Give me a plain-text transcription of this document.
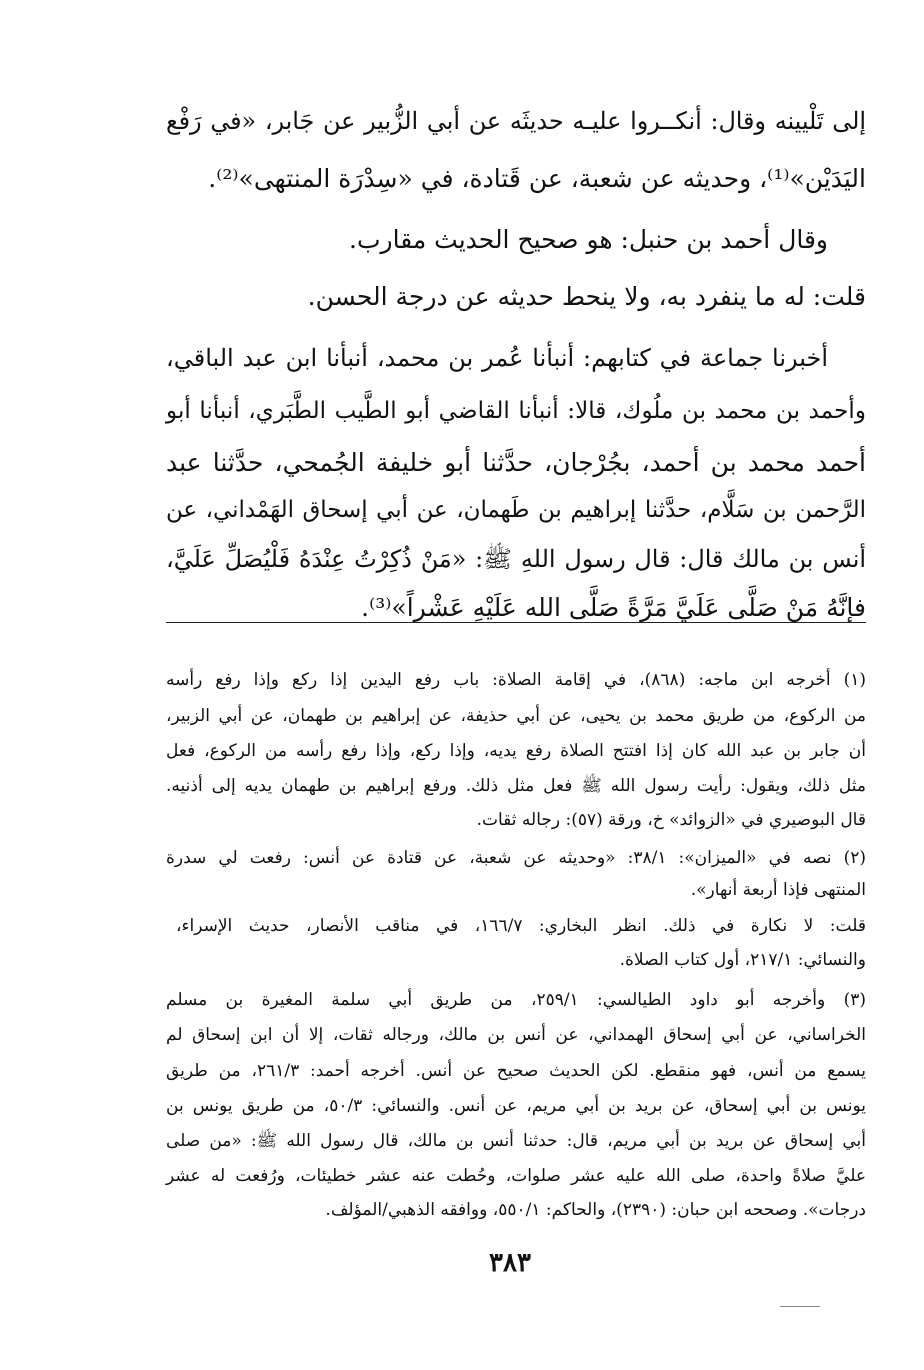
إلى تَلْيينه وقال: أنكــروا عليـه حديثَه عن أبي الزُّبير عن جَابر، «في رَفْع
اليَدَيْن»⁽¹⁾، وحديثه عن شعبة، عن قَتادة، في «سِدْرَة المنتهى»⁽²⁾.
وقال أحمد بن حنبل: هو صحيح الحديث مقارب.
قلت: له ما ينفرد به، ولا ينحط حديثه عن درجة الحسن.
أخبرنا جماعة في كتابهم: أنبأنا عُمر بن محمد، أنبأنا ابن عبد الباقي،
وأحمد بن محمد بن ملُوك، قالا: أنبأنا القاضي أبو الطَّيب الطَّبَري، أنبأنا أبو
أحمد محمد بن أحمد، بجُرْجان، حدَّثنا أبو خليفة الجُمحي، حدَّثنا عبد
الرَّحمن بن سَلَّام، حدَّثنا إبراهيم بن طَهمان، عن أبي إسحاق الهَمْداني، عن
أنس بن مالك قال: قال رسول اللهِ ﷺ: «مَنْ ذُكِرْتُ عِنْدَهُ فَلْيُصَلِّ عَلَيَّ،
فإنَّهُ مَنْ صَلَّى عَلَيَّ مَرَّةً صَلَّى الله عَلَيْهِ عَشْراً»⁽³⁾.
(١) أخرجه ابن ماجه: (٨٦٨)، في إقامة الصلاة: باب رفع اليدين إذا ركع وإذا رفع رأسه
من الركوع، من طريق محمد بن يحيى، عن أبي حذيفة، عن إبراهيم بن طهمان، عن أبي الزبير،
أن جابر بن عبد الله كان إذا افتتح الصلاة رفع يديه، وإذا ركع، وإذا رفع رأسه من الركوع، فعل
مثل ذلك، ويقول: رأيت رسول الله ﷺ فعل مثل ذلك. ورفع إبراهيم بن طهمان يديه إلى أذنيه.
قال البوصيري في «الزوائد» خ، ورقة (٥٧): رجاله ثقات.
(٢) نصه في «الميزان»: ٣٨/١: «وحديثه عن شعبة، عن قتادة عن أنس: رفعت لي سدرة
المنتهى فإذا أربعة أنهار».
قلت: لا نكارة في ذلك. انظر البخاري: ١٦٦/٧، في مناقب الأنصار، حديث الإسراء،
والنسائي: ٢١٧/١، أول كتاب الصلاة.
(٣) وأخرجه أبو داود الطيالسي: ٢٥٩/١، من طريق أبي سلمة المغيرة بن مسلم
الخراساني، عن أبي إسحاق الهمداني، عن أنس بن مالك، ورجاله ثقات، إلا أن ابن إسحاق لم
يسمع من أنس، فهو منقطع. لكن الحديث صحيح عن أنس. أخرجه أحمد: ٢٦١/٣، من طريق
يونس بن أبي إسحاق، عن بريد بن أبي مريم، عن أنس. والنسائي: ٥٠/٣، من طريق يونس بن
أبي إسحاق عن بريد بن أبي مريم، قال: حدثنا أنس بن مالك، قال رسول الله ﷺ: «من صلى
عليَّ صلاةً واحدة، صلى الله عليه عشر صلوات، وحُطت عنه عشر خطيئات، ورُفعت له عشر
درجات». وصححه ابن حبان: (٢٣٩٠)، والحاكم: ٥٥٠/١، ووافقه الذهبي/المؤلف.
٣٨٣
